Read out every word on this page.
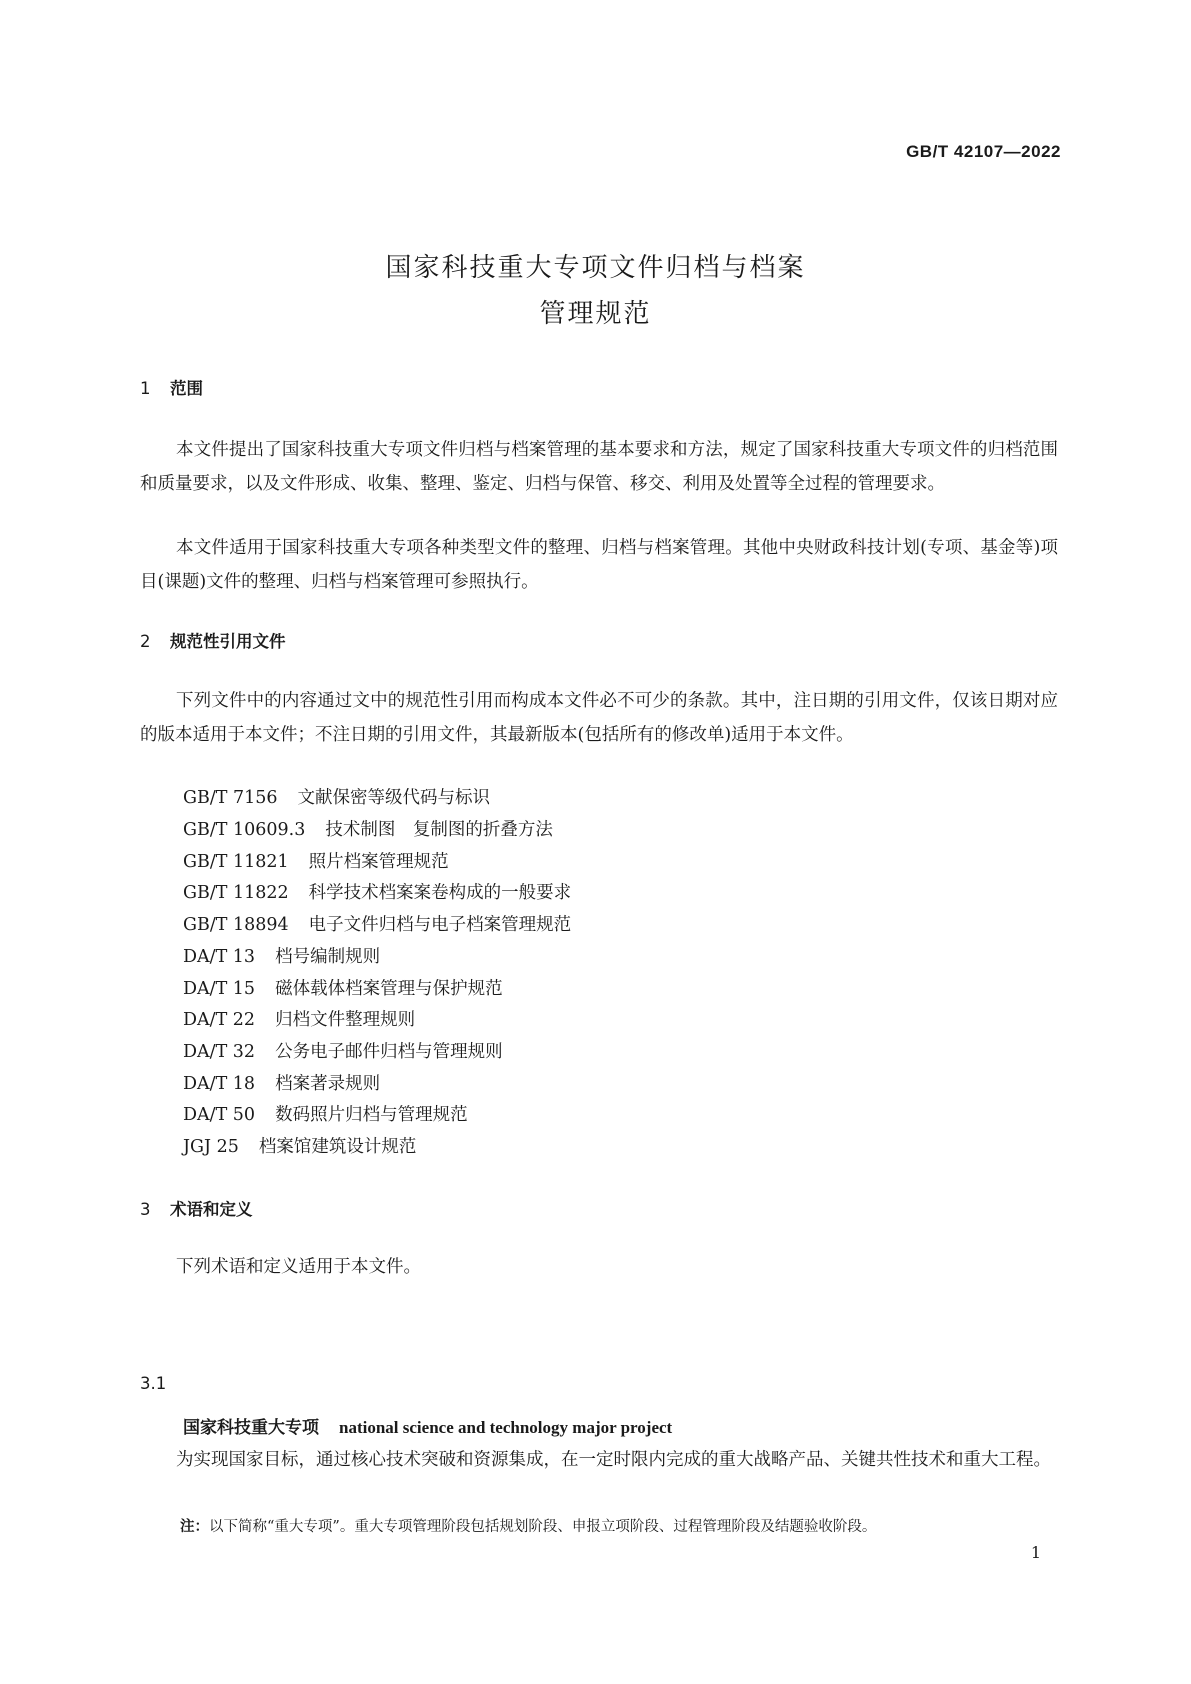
GB/T 42107—2022
国家科技重大专项文件归档与档案
管理规范
1 范围
本文件提出了国家科技重大专项文件归档与档案管理的基本要求和方法，规定了国家科技重大专项文件的归档范围和质量要求，以及文件形成、收集、整理、鉴定、归档与保管、移交、利用及处置等全过程的管理要求。
本文件适用于国家科技重大专项各种类型文件的整理、归档与档案管理。其他中央财政科技计划(专项、基金等)项目(课题)文件的整理、归档与档案管理可参照执行。
2 规范性引用文件
下列文件中的内容通过文中的规范性引用而构成本文件必不可少的条款。其中，注日期的引用文件，仅该日期对应的版本适用于本文件；不注日期的引用文件，其最新版本(包括所有的修改单)适用于本文件。
GB/T 7156 文献保密等级代码与标识
GB/T 10609.3 技术制图　复制图的折叠方法
GB/T 11821 照片档案管理规范
GB/T 11822 科学技术档案案卷构成的一般要求
GB/T 18894 电子文件归档与电子档案管理规范
DA/T 13 档号编制规则
DA/T 15 磁体载体档案管理与保护规范
DA/T 22 归档文件整理规则
DA/T 32 公务电子邮件归档与管理规则
DA/T 18 档案著录规则
DA/T 50 数码照片归档与管理规范
JGJ 25 档案馆建筑设计规范
3 术语和定义
下列术语和定义适用于本文件。
3.1
国家科技重大专项 national science and technology major project
为实现国家目标，通过核心技术突破和资源集成，在一定时限内完成的重大战略产品、关键共性技术和重大工程。
注：以下简称“重大专项”。重大专项管理阶段包括规划阶段、申报立项阶段、过程管理阶段及结题验收阶段。
1
